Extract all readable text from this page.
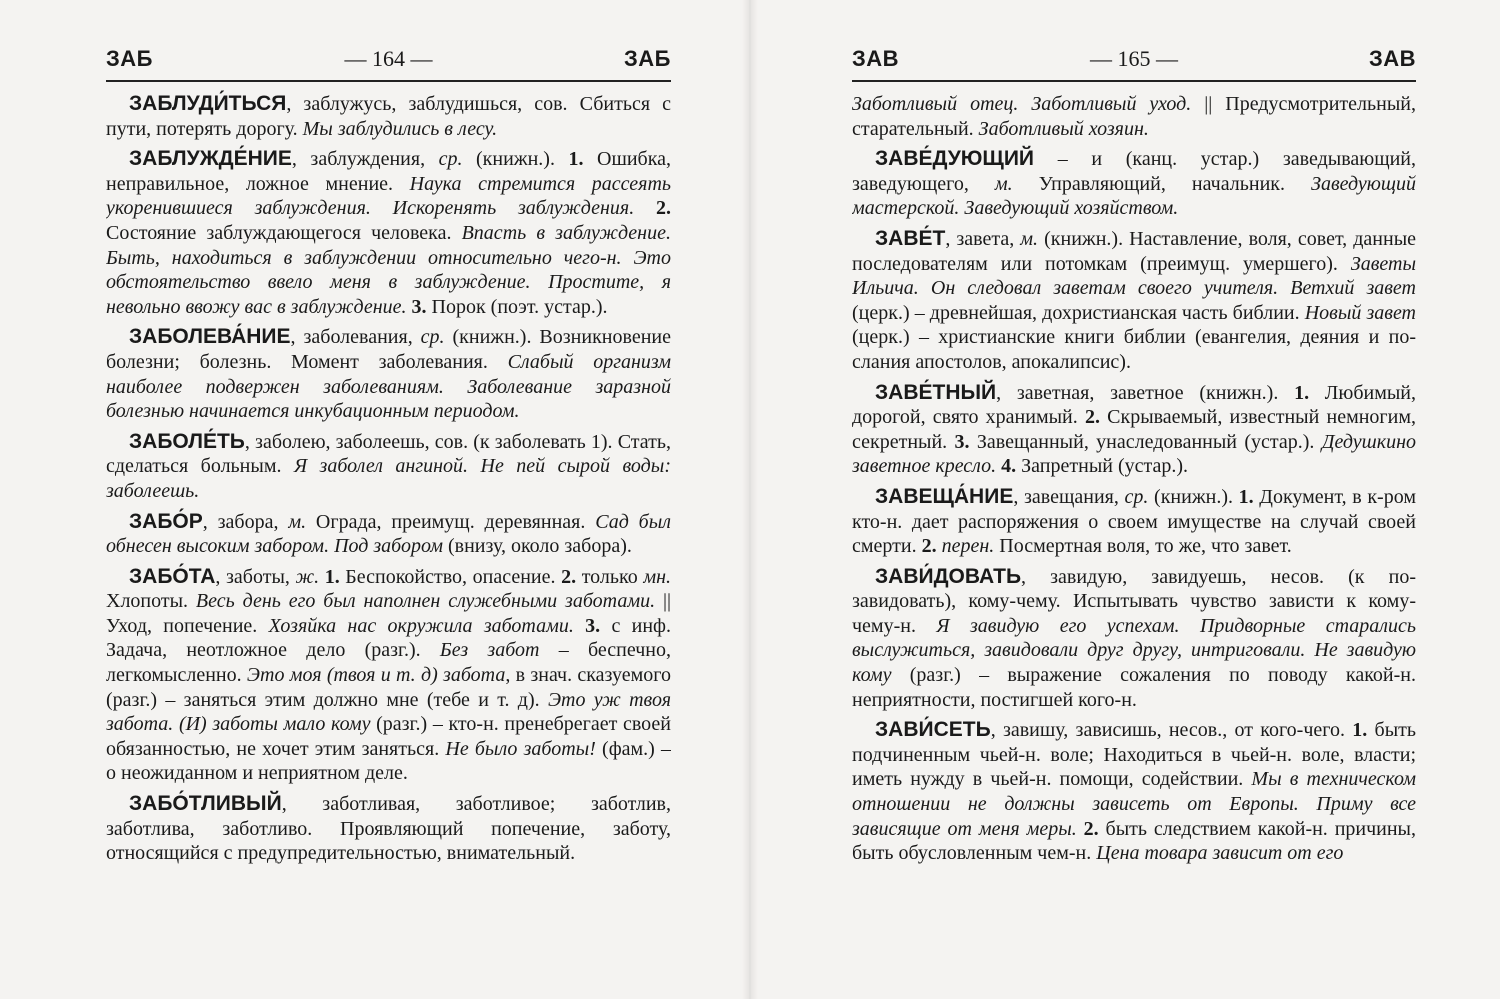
ЗАБ	— 164 —	ЗАБ

ЗАБЛУДИ́ТЬСЯ, заблужусь, заблудишься, сов. Сбиться с пути, потерять дорогу. Мы заблудились в лесу.

ЗАБЛУЖДЕ́НИЕ, заблуждения, ср. (книжн.). 1. Ошибка, неправильное, ложное мнение. Наука стремится рассеять укоренившиеся заблуждения. Искоренять заблуждения. 2. Состояние заблуждающегося человека. Впасть в заблуждение. Быть, находиться в заблуждении относительно чего-н. Это обстоятельство ввело меня в заблуждение. Простите, я невольно ввожу вас в заблуждение. 3. Порок (поэт. устар.).

ЗАБОЛЕВА́НИЕ, заболевания, ср. (книжн.). Возникновение болезни; болезнь. Момент заболевания. Слабый организм наиболее подвержен заболеваниям. Заболевание заразной болезнью начинается инкубационным периодом.

ЗАБОЛЕ́ТЬ, заболею, заболеешь, сов. (к заболевать 1). Стать, сделаться больным. Я заболел ангиной. Не пей сырой воды: заболеешь.

ЗАБО́Р, забора, м. Ограда, преимущ. деревянная. Сад был обнесен высоким забором. Под забором (внизу, около забора).

ЗАБО́ТА, заботы, ж. 1. Беспокойство, опасение. 2. только мн. Хлопоты. Весь день его был наполнен служебными заботами. || Уход, попечение. Хозяйка нас окружила заботами. 3. с инф. Задача, неотложное дело (разг.). Без забот – беспечно, легкомысленно. Это моя (твоя и т. д) забота, в знач. сказуемого (разг.) – заняться этим должно мне (тебе и т. д). Это уж твоя забота. (И) заботы мало кому (разг.) – кто-н. пренебрегает своей обязанностью, не хочет этим заняться. Не было заботы! (фам.) – о неожиданном и неприятном деле.

ЗАБО́ТЛИВЫЙ, заботливая, заботливое; заботлив, заботлива, заботливо. Проявляющий попечение, заботу, относящийся с предупредительностью, внимательный.

ЗАВ	— 165 —	ЗАВ

Заботливый отец. Заботливый уход. || Предусмотрительный, старательный. Заботливый хозяин.

ЗАВЕ́ДУЮЩИЙ – и (канц. устар.) заведывающий, заведующего, м. Управляющий, начальник. Заведующий мастерской. Заведующий хозяйством.

ЗАВЕ́Т, завета, м. (книжн.). Наставление, воля, совет, данные последователям или потомкам (преимущ. умершего). Заветы Ильича. Он следовал заветам своего учителя. Ветхий завет (церк.) – древнейшая, дохристианская часть библии. Новый завет (церк.) – христианские книги библии (евангелия, деяния и послания апостолов, апокалипсис).

ЗАВЕ́ТНЫЙ, заветная, заветное (книжн.). 1. Любимый, дорогой, свято хранимый. 2. Скрываемый, известный немногим, секретный. 3. Завещанный, унаследованный (устар.). Дедушкино заветное кресло. 4. Запретный (устар.).

ЗАВЕЩА́НИЕ, завещания, ср. (книжн.). 1. Документ, в к-ром кто-н. дает распоряжения о своем имуществе на случай своей смерти. 2. перен. Посмертная воля, то же, что завет.

ЗАВИ́ДОВАТЬ, завидую, завидуешь, несов. (к позавидовать), кому-чему. Испытывать чувство зависти к кому-чему-н. Я завидую его успехам. Придворные старались выслужиться, завидовали друг другу, интриговали. Не завидую кому (разг.) – выражение сожаления по поводу какой-н. неприятности, постигшей кого-н.

ЗАВИ́СЕТЬ, завишу, зависишь, несов., от кого-чего. 1. быть подчиненным чьей-н. воле; Находиться в чьей-н. воле, власти; иметь нужду в чьей-н. помощи, содействии. Мы в техническом отношении не должны зависеть от Европы. Приму все зависящие от меня меры. 2. быть следствием какой-н. причины, быть обусловленным чем-н. Цена товара зависит от его
